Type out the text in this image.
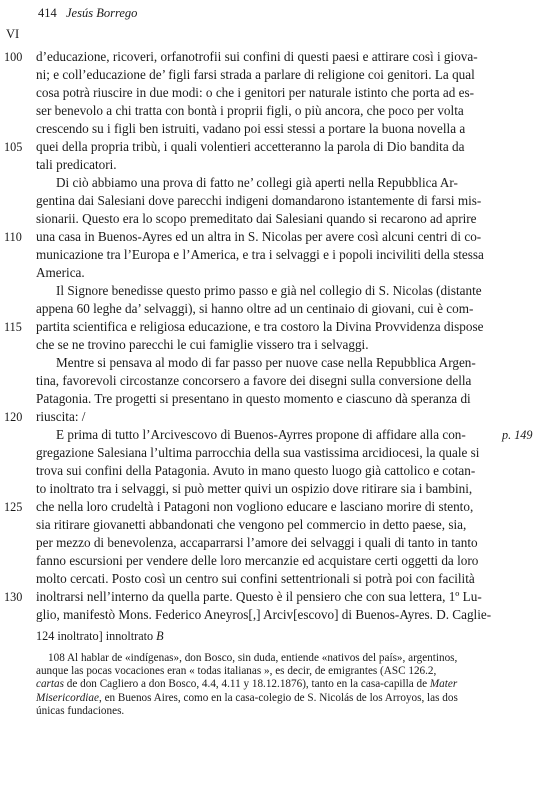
414 Jesús Borrego
VI
d’educazione, ricoveri, orfanotrofii sui confini di questi paesi e attirare così i giova-
ni; e coll’educazione de’ figli farsi strada a parlare di religione coi genitori. La qual
cosa potrà riuscire in due modi: o che i genitori per naturale istinto che porta ad es-
ser benevolo a chi tratta con bontà i proprii figli, o più ancora, che poco per volta
crescendo su i figli ben istruiti, vadano poi essi stessi a portare la buona novella a
quei della propria tribù, i quali volentieri accetteranno la parola di Dio bandita da
tali predicatori.
Di ciò abbiamo una prova di fatto ne’ collegi già aperti nella Repubblica Ar-
gentina dai Salesiani dove parecchi indigeni domandarono istantemente di farsi mis-
sionarii. Questo era lo scopo premeditato dai Salesiani quando si recarono ad aprire
una casa in Buenos-Ayres ed un altra in S. Nicolas per avere così alcuni centri di co-
municazione tra l’Europa e l’America, e tra i selvaggi e i popoli inciviliti della stessa
America.
Il Signore benedisse questo primo passo e già nel collegio di S. Nicolas (distante
appena 60 leghe da’ selvaggi), si hanno oltre ad un centinaio di giovani, cui è com-
partita scientifica e religiosa educazione, e tra costoro la Divina Provvidenza dispose
che se ne trovino parecchi le cui famiglie vissero tra i selvaggi.
Mentre si pensava al modo di far passo per nuove case nella Repubblica Argen-
tina, favorevoli circostanze concorsero a favore dei disegni sulla conversione della
Patagonia. Tre progetti si presentano in questo momento e ciascuno dà speranza di
riuscita: /
E prima di tutto l’Arcivescovo di Buenos-Ayrres propone di affidare alla con-
gregazione Salesiana l’ultima parrocchia della sua vastissima arcidiocesi, la quale si
trova sui confini della Patagonia. Avuto in mano questo luogo già cattolico e cotan-
to inoltrato tra i selvaggi, si può metter quivi un ospizio dove ritirare sia i bambini,
che nella loro crudeltà i Patagoni non vogliono educare e lasciano morire di stento,
sia ritirare giovanetti abbandonati che vengono pel commercio in detto paese, sia,
per mezzo di benevolenza, accaparrarsi l’amore dei selvaggi i quali di tanto in tanto
fanno escursioni per vendere delle loro mercanzie ed acquistare certi oggetti da loro
molto cercati. Posto così un centro sui confini settentrionali si potrà poi con facilità
inoltrarsi nell’interno da quella parte. Questo è il pensiero che con sua lettera, 1º Lu-
glio, manifestò Mons. Federico Aneyros[,] Arciv[escovo] di Buenos-Ayres. D. Caglie-
100
105
110
115
120
125
130
p. 149
124 inoltrato] innoltrato B
108 Al hablar de «indígenas», don Bosco, sin duda, entiende «nativos del país», argentinos,
aunque las pocas vocaciones eran « todas italianas », es decir, de emigrantes (ASC 126.2,
cartas de don Cagliero a don Bosco, 4.4, 4.11 y 18.12.1876), tanto en la casa-capilla de Mater
Misericordiae, en Buenos Aires, como en la casa-colegio de S. Nicolás de los Arroyos, las dos
únicas fundaciones.
